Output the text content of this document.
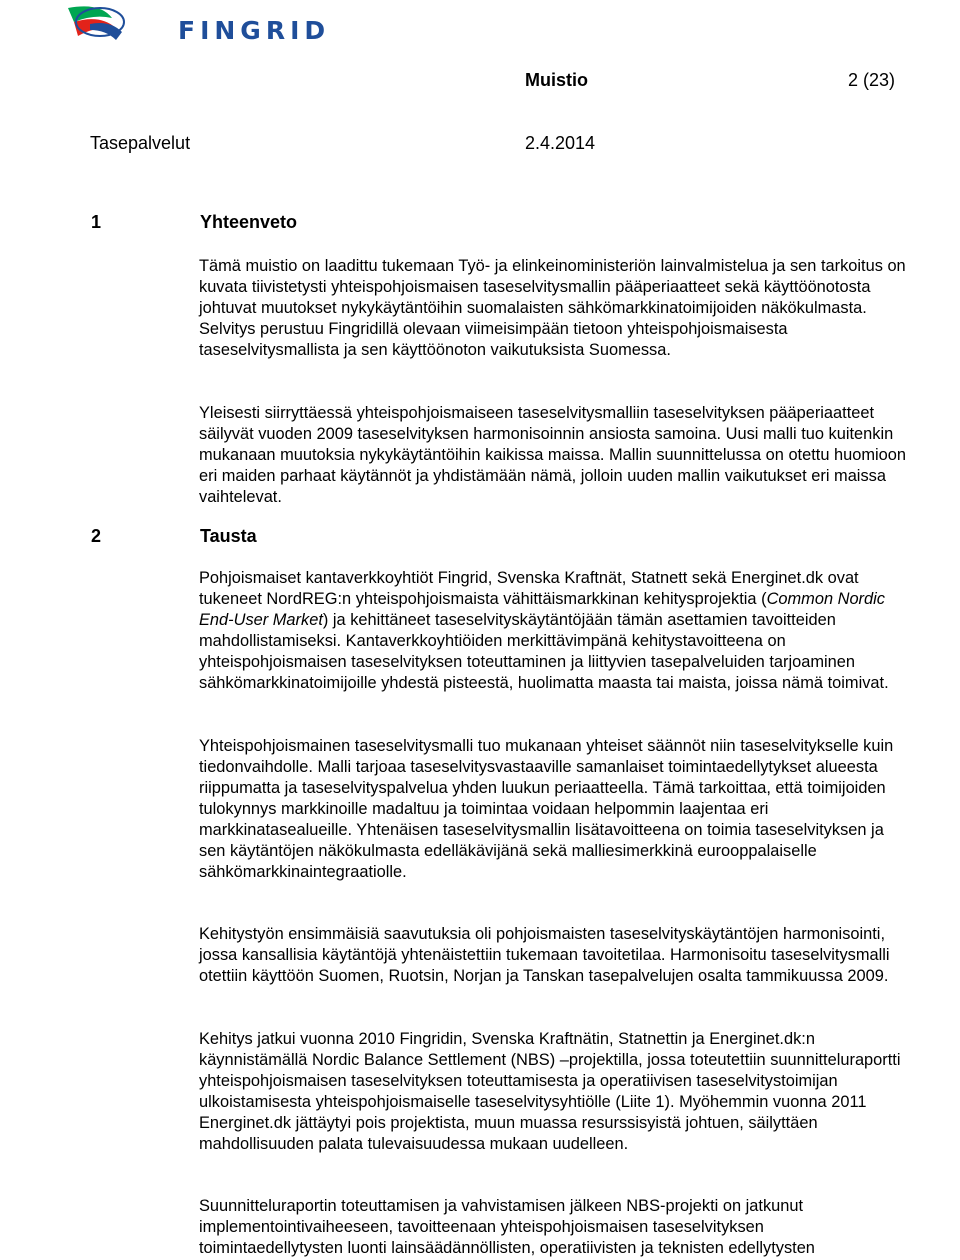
FINGRID
Muistio	2 (23)
Tasepalvelut	2.4.2014
1	Yhteenveto

Tämä muistio on laadittu tukemaan Työ- ja elinkeinoministeriön lainvalmistelua ja sen tarkoitus on kuvata tiivistetysti yhteispohjoismaisen taseselvitysmallin pääperiaatteet sekä käyttöönotosta johtuvat muutokset nykykäytäntöihin suomalaisten sähkömarkkinatoimijoiden näkökulmasta. Selvitys perustuu Fingridillä olevaan viimeisimpään tietoon yhteispohjoismaisesta taseselvitysmallista ja sen käyttöönoton vaikutuksista Suomessa.

Yleisesti siirryttäessä yhteispohjoismaiseen taseselvitysmalliin taseselvityksen pääperiaatteet säilyvät vuoden 2009 taseselvityksen harmonisoinnin ansiosta samoina. Uusi malli tuo kuitenkin mukanaan muutoksia nykykäytäntöihin kaikissa maissa. Mallin suunnittelussa on otettu huomioon eri maiden parhaat käytännöt ja yhdistämään nämä, jolloin uuden mallin vaikutukset eri maissa vaihtelevat.

2	Tausta

Pohjoismaiset kantaverkkoyhtiöt Fingrid, Svenska Kraftnät, Statnett sekä Energinet.dk ovat tukeneet NordREG:n yhteispohjoismaista vähittäismarkkinan kehitysprojektia (Common Nordic End-User Market) ja kehittäneet taseselvityskäytäntöjään tämän asettamien tavoitteiden mahdollistamiseksi. Kantaverkkoyhtiöiden merkittävimpänä kehitystavoitteena on yhteispohjoismaisen taseselvityksen toteuttaminen ja liittyvien tasepalveluiden tarjoaminen sähkömarkkinatoimijoille yhdestä pisteestä, huolimatta maasta tai maista, joissa nämä toimivat.

Yhteispohjoismainen taseselvitysmalli tuo mukanaan yhteiset säännöt niin taseselvitykselle kuin tiedonvaihdolle. Malli tarjoaa taseselvitysvastaaville samanlaiset toimintaedellytykset alueesta riippumatta ja taseselvityspalvelua yhden luukun periaatteella. Tämä tarkoittaa, että toimijoiden tulokynnys markkinoille madaltuu ja toimintaa voidaan helpommin laajentaa eri markkinatasealueille. Yhtenäisen taseselvitysmallin lisätavoitteena on toimia taseselvityksen ja sen käytäntöjen näkökulmasta edelläkävijänä sekä malliesimerkkinä eurooppalaiselle sähkömarkkinaintegraatiolle.

Kehitystyön ensimmäisiä saavutuksia oli pohjoismaisten taseselvityskäytäntöjen harmonisointi, jossa kansallisia käytäntöjä yhtenäistettiin tukemaan tavoitetilaa. Harmonisoitu taseselvitysmalli otettiin käyttöön Suomen, Ruotsin, Norjan ja Tanskan tasepalvelujen osalta tammikuussa 2009.

Kehitys jatkui vuonna 2010 Fingridin, Svenska Kraftnätin, Statnettin ja Energinet.dk:n käynnistämällä Nordic Balance Settlement (NBS) –projektilla, jossa toteutettiin suunnitteluraportti yhteispohjoismaisen taseselvityksen toteuttamisesta ja operatiivisen taseselvitystoimijan ulkoistamisesta yhteispohjoismaiselle taseselvitysyhtiölle (Liite 1). Myöhemmin vuonna 2011 Energinet.dk jättäytyi pois projektista, muun muassa resurssisyistä johtuen, säilyttäen mahdollisuuden palata tulevaisuudessa mukaan uudelleen.

Suunnitteluraportin toteuttamisen ja vahvistamisen jälkeen NBS-projekti on jatkunut implementointivaiheeseen, tavoitteenaan yhteispohjoismaisen taseselvityksen toimintaedellytysten luonti lainsäädännöllisten, operatiivisten ja teknisten edellytysten
